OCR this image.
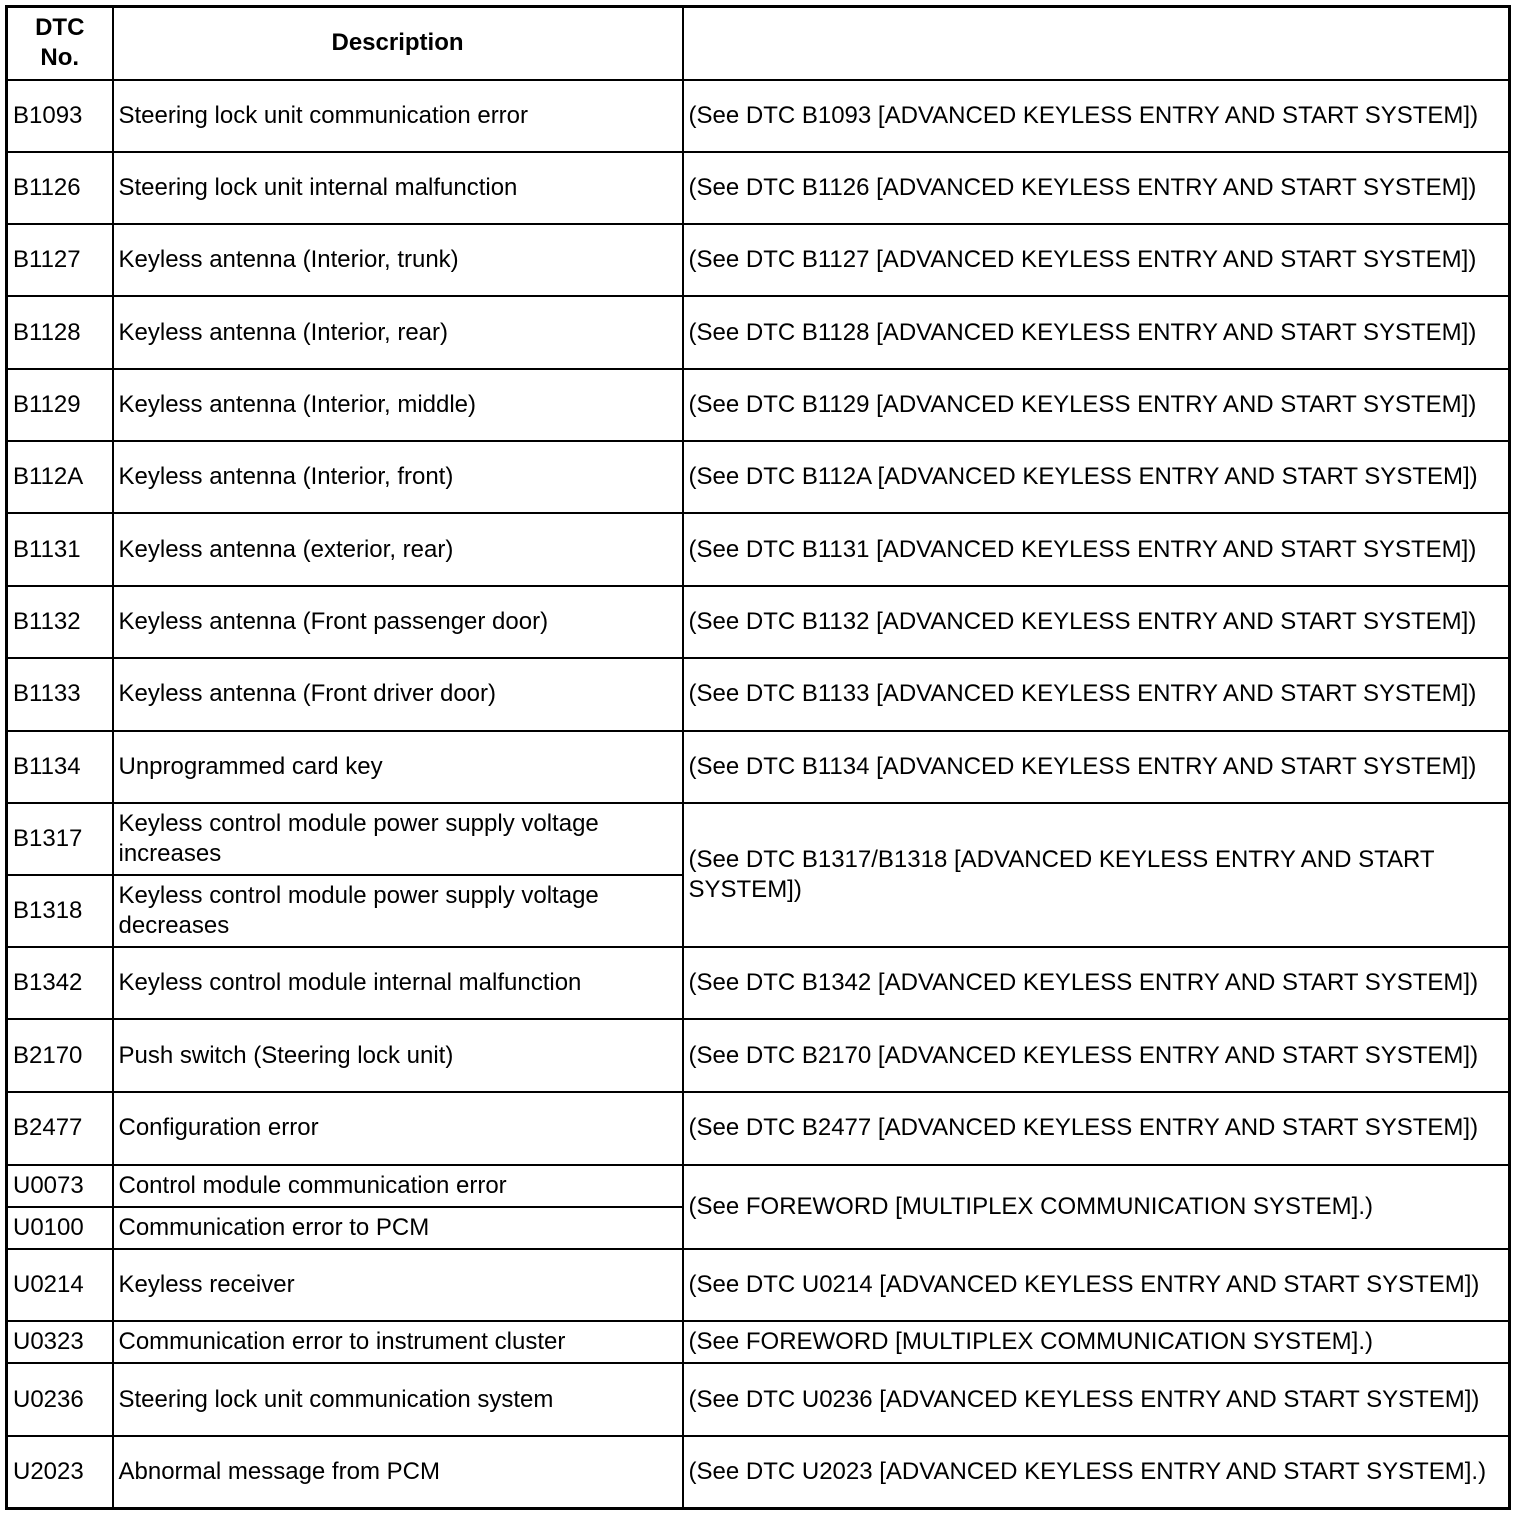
DTC
No.	Description	
B1093	Steering lock unit communication error	(See DTC B1093 [ADVANCED KEYLESS ENTRY AND START SYSTEM])
B1126	Steering lock unit internal malfunction	(See DTC B1126 [ADVANCED KEYLESS ENTRY AND START SYSTEM])
B1127	Keyless antenna (Interior, trunk)	(See DTC B1127 [ADVANCED KEYLESS ENTRY AND START SYSTEM])
B1128	Keyless antenna (Interior, rear)	(See DTC B1128 [ADVANCED KEYLESS ENTRY AND START SYSTEM])
B1129	Keyless antenna (Interior, middle)	(See DTC B1129 [ADVANCED KEYLESS ENTRY AND START SYSTEM])
B112A	Keyless antenna (Interior, front)	(See DTC B112A [ADVANCED KEYLESS ENTRY AND START SYSTEM])
B1131	Keyless antenna (exterior, rear)	(See DTC B1131 [ADVANCED KEYLESS ENTRY AND START SYSTEM])
B1132	Keyless antenna (Front passenger door)	(See DTC B1132 [ADVANCED KEYLESS ENTRY AND START SYSTEM])
B1133	Keyless antenna (Front driver door)	(See DTC B1133 [ADVANCED KEYLESS ENTRY AND START SYSTEM])
B1134	Unprogrammed card key	(See DTC B1134 [ADVANCED KEYLESS ENTRY AND START SYSTEM])
B1317	Keyless control module power supply voltage increases	(See DTC B1317/B1318 [ADVANCED KEYLESS ENTRY AND START SYSTEM])
B1318	Keyless control module power supply voltage decreases	
B1342	Keyless control module internal malfunction	(See DTC B1342 [ADVANCED KEYLESS ENTRY AND START SYSTEM])
B2170	Push switch (Steering lock unit)	(See DTC B2170 [ADVANCED KEYLESS ENTRY AND START SYSTEM])
B2477	Configuration error	(See DTC B2477 [ADVANCED KEYLESS ENTRY AND START SYSTEM])
U0073	Control module communication error	(See FOREWORD [MULTIPLEX COMMUNICATION SYSTEM].)
U0100	Communication error to PCM	
U0214	Keyless receiver	(See DTC U0214 [ADVANCED KEYLESS ENTRY AND START SYSTEM])
U0323	Communication error to instrument cluster	(See FOREWORD [MULTIPLEX COMMUNICATION SYSTEM].)
U0236	Steering lock unit communication system	(See DTC U0236 [ADVANCED KEYLESS ENTRY AND START SYSTEM])
U2023	Abnormal message from PCM	(See DTC U2023 [ADVANCED KEYLESS ENTRY AND START SYSTEM].)
